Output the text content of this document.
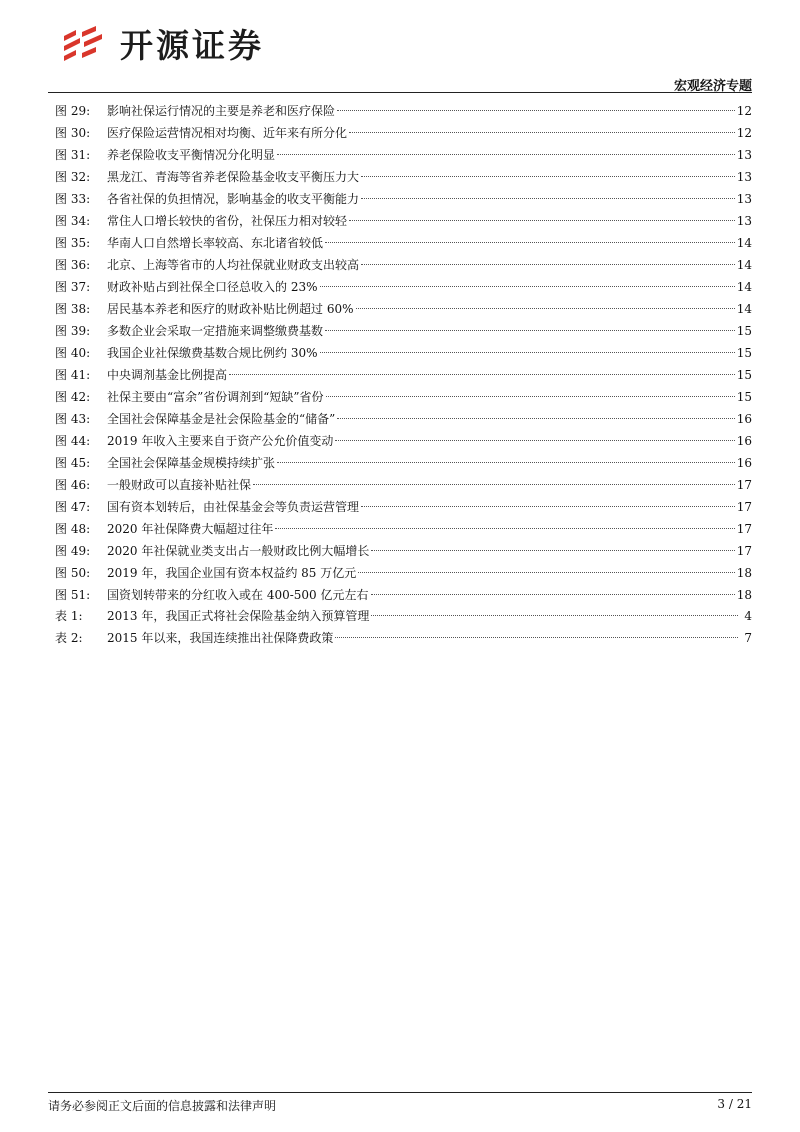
开源证券
宏观经济专题
图 29:	影响社保运行情况的主要是养老和医疗保险	12
图 30:	医疗保险运营情况相对均衡、近年来有所分化	12
图 31:	养老保险收支平衡情况分化明显	13
图 32:	黑龙江、青海等省养老保险基金收支平衡压力大	13
图 33:	各省社保的负担情况，影响基金的收支平衡能力	13
图 34:	常住人口增长较快的省份，社保压力相对较轻	13
图 35:	华南人口自然增长率较高、东北诸省较低	14
图 36:	北京、上海等省市的人均社保就业财政支出较高	14
图 37:	财政补贴占到社保全口径总收入的 23%	14
图 38:	居民基本养老和医疗的财政补贴比例超过 60%	14
图 39:	多数企业会采取一定措施来调整缴费基数	15
图 40:	我国企业社保缴费基数合规比例约 30%	15
图 41:	中央调剂基金比例提高	15
图 42:	社保主要由“富余”省份调剂到“短缺”省份	15
图 43:	全国社会保障基金是社会保险基金的“储备”	16
图 44:	2019 年收入主要来自于资产公允价值变动	16
图 45:	全国社会保障基金规模持续扩张	16
图 46:	一般财政可以直接补贴社保	17
图 47:	国有资本划转后，由社保基金会等负责运营管理	17
图 48:	2020 年社保降费大幅超过往年	17
图 49:	2020 年社保就业类支出占一般财政比例大幅增长	17
图 50:	2019 年，我国企业国有资本权益约 85 万亿元	18
图 51:	国资划转带来的分红收入或在 400-500 亿元左右	18
表 1:	2013 年，我国正式将社会保险基金纳入预算管理	4
表 2:	2015 年以来，我国连续推出社保降费政策	7
请务必参阅正文后面的信息披露和法律声明	3 / 21
